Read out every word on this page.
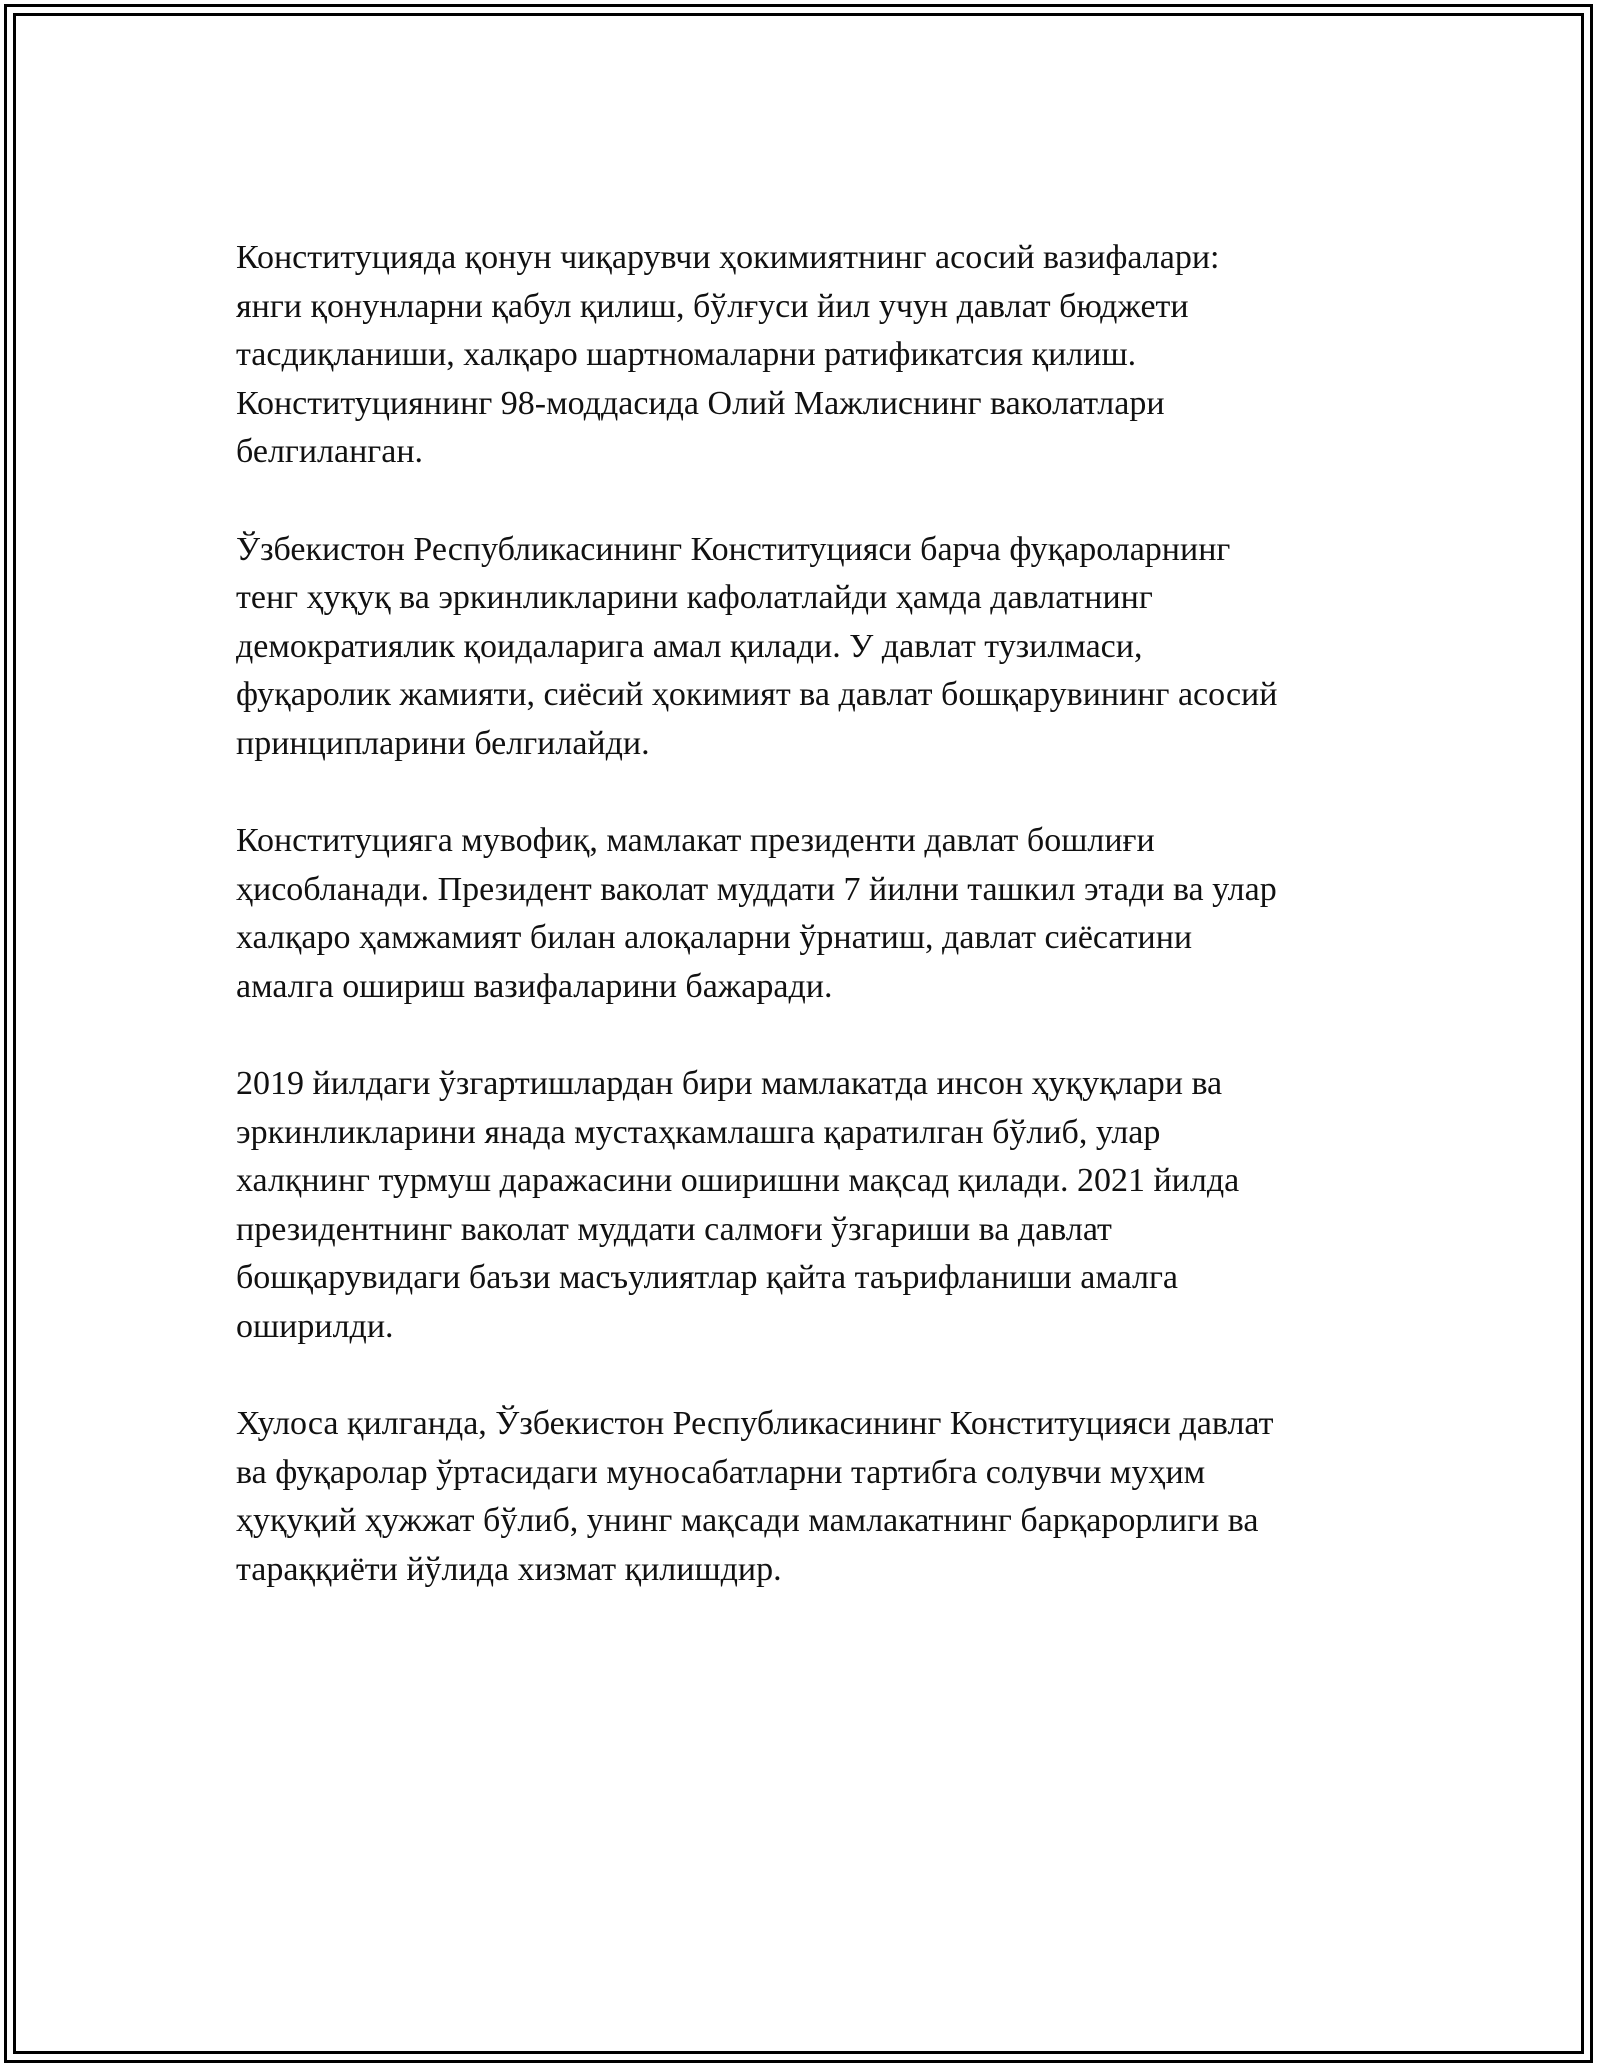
Конституцияда қонун чиқарувчи ҳокимиятнинг асосий вазифалари:
янги қонунларни қабул қилиш, бўлғуси йил учун давлат бюджети
тасдиқланиши, халқаро шартномаларни ратификатсия қилиш.
Конституциянинг 98-моддасида Олий Мажлиснинг ваколатлари
белгиланган.

Ўзбекистон Республикасининг Конституцияси барча фуқароларнинг
тенг ҳуқуқ ва эркинликларини кафолатлайди ҳамда давлатнинг
демократиялик қоидаларига амал қилади. У давлат тузилмаси,
фуқаролик жамияти, сиёсий ҳокимият ва давлат бошқарувининг асосий
принципларини белгилайди.

Конституцияга мувофиқ, мамлакат президенти давлат бошлиғи
ҳисобланади. Президент ваколат муддати 7 йилни ташкил этади ва улар
халқаро ҳамжамият билан алоқаларни ўрнатиш, давлат сиёсатини
амалга ошириш вазифаларини бажаради.

2019 йилдаги ўзгартишлардан бири мамлакатда инсон ҳуқуқлари ва
эркинликларини янада мустаҳкамлашга қаратилган бўлиб, улар
халқнинг турмуш даражасини оширишни мақсад қилади. 2021 йилда
президентнинг ваколат муддати салмоғи ўзгариши ва давлат
бошқарувидаги баъзи масъулиятлар қайта таърифланиши амалга
оширилди.

Хулоса қилганда, Ўзбекистон Республикасининг Конституцияси давлат
ва фуқаролар ўртасидаги муносабатларни тартибга солувчи муҳим
ҳуқуқий ҳужжат бўлиб, унинг мақсади мамлакатнинг барқарорлиги ва
тараққиёти йўлида хизмат қилишдир.
